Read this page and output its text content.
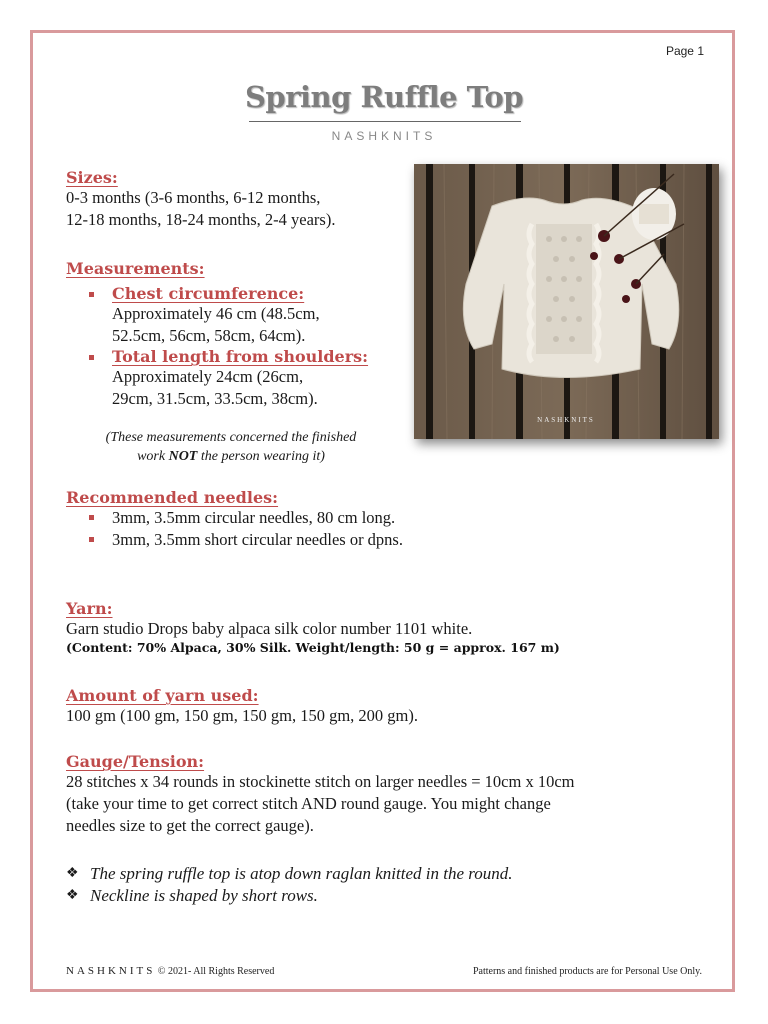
Page 1
Spring Ruffle Top
NASHKNITS
Sizes:
0-3 months (3-6 months, 6-12 months,
12-18 months, 18-24 months, 2-4 years).
Measurements:
Chest circumference:
Approximately 46 cm (48.5cm,
52.5cm, 56cm, 58cm, 64cm).
Total length from shoulders:
Approximately 24cm (26cm,
29cm, 31.5cm, 33.5cm, 38cm).
(These measurements concerned the finished
work NOT the person wearing it)
NASHKNITS
Recommended needles:
3mm, 3.5mm circular needles, 80 cm long.
3mm, 3.5mm short circular needles or dpns.
Yarn:
Garn studio Drops baby alpaca silk color number 1101 white.
(Content: 70% Alpaca, 30% Silk. Weight/length: 50 g = approx. 167 m)
Amount of yarn used:
100 gm (100 gm, 150 gm, 150 gm, 150 gm, 200 gm).
Gauge/Tension:
28 stitches x 34 rounds in stockinette stitch on larger needles = 10cm x 10cm
(take your time to get correct stitch AND round gauge. You might change
needles size to get the correct gauge).
❖ The spring ruffle top is atop down raglan knitted in the round.
❖ Neckline is shaped by short rows.
NASHKNITS © 2021- All Rights Reserved	Patterns and finished products are for Personal Use Only.
